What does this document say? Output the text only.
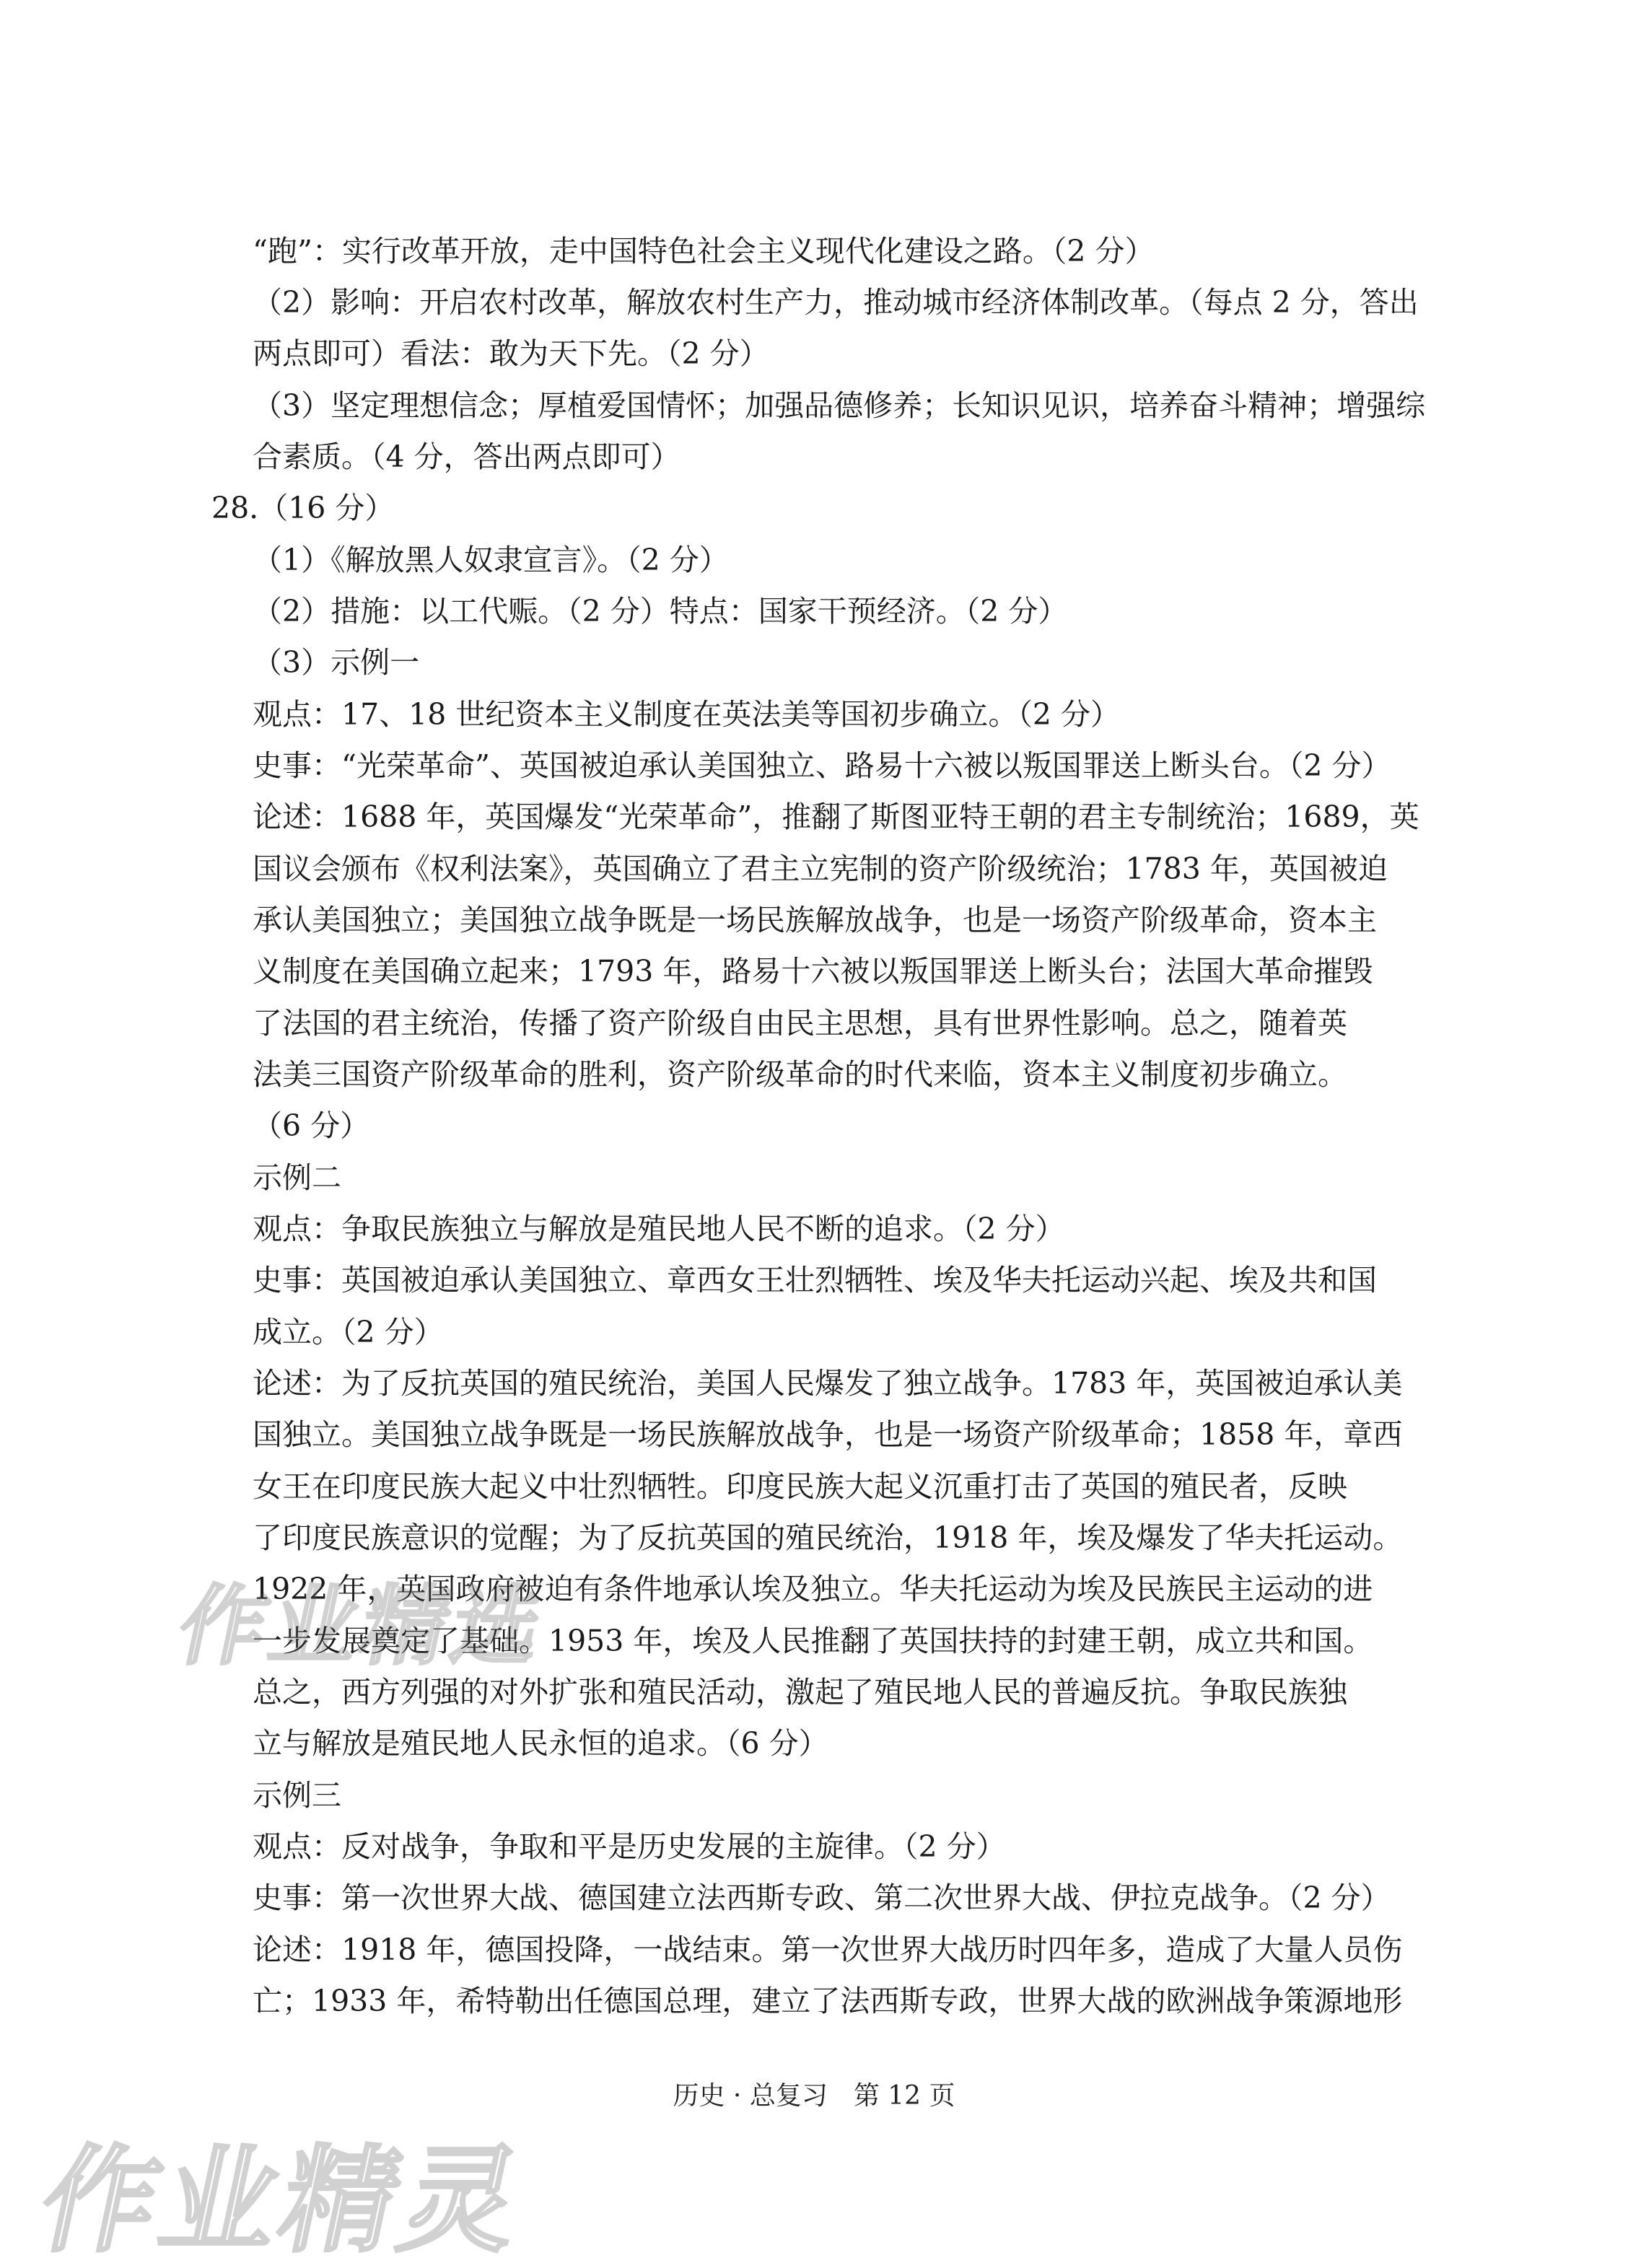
“跑”：实行改革开放，走中国特色社会主义现代化建设之路。（2 分）
（2）影响：开启农村改革，解放农村生产力，推动城市经济体制改革。（每点 2 分，答出
两点即可）看法：敢为天下先。（2 分）
（3）坚定理想信念；厚植爱国情怀；加强品德修养；长知识见识，培养奋斗精神；增强综
合素质。（4 分，答出两点即可）
28.（16 分）
（1）《解放黑人奴隶宣言》。（2 分）
（2）措施：以工代赈。（2 分）特点：国家干预经济。（2 分）
（3）示例一
观点：17、18 世纪资本主义制度在英法美等国初步确立。（2 分）
史事：“光荣革命”、英国被迫承认美国独立、路易十六被以叛国罪送上断头台。（2 分）
论述：1688 年，英国爆发“光荣革命”，推翻了斯图亚特王朝的君主专制统治；1689，英
国议会颁布《权利法案》，英国确立了君主立宪制的资产阶级统治；1783 年，英国被迫
承认美国独立；美国独立战争既是一场民族解放战争，也是一场资产阶级革命，资本主
义制度在美国确立起来；1793 年，路易十六被以叛国罪送上断头台；法国大革命摧毁
了法国的君主统治，传播了资产阶级自由民主思想，具有世界性影响。总之，随着英
法美三国资产阶级革命的胜利，资产阶级革命的时代来临，资本主义制度初步确立。
（6 分）
示例二
观点：争取民族独立与解放是殖民地人民不断的追求。（2 分）
史事：英国被迫承认美国独立、章西女王壮烈牺牲、埃及华夫托运动兴起、埃及共和国
成立。（2 分）
论述：为了反抗英国的殖民统治，美国人民爆发了独立战争。1783 年，英国被迫承认美
国独立。美国独立战争既是一场民族解放战争，也是一场资产阶级革命；1858 年，章西
女王在印度民族大起义中壮烈牺牲。印度民族大起义沉重打击了英国的殖民者，反映
了印度民族意识的觉醒；为了反抗英国的殖民统治，1918 年，埃及爆发了华夫托运动。
1922 年，英国政府被迫有条件地承认埃及独立。华夫托运动为埃及民族民主运动的进
一步发展奠定了基础。1953 年，埃及人民推翻了英国扶持的封建王朝，成立共和国。
总之，西方列强的对外扩张和殖民活动，激起了殖民地人民的普遍反抗。争取民族独
立与解放是殖民地人民永恒的追求。（6 分）
示例三
观点：反对战争，争取和平是历史发展的主旋律。（2 分）
史事：第一次世界大战、德国建立法西斯专政、第二次世界大战、伊拉克战争。（2 分）
论述：1918 年，德国投降，一战结束。第一次世界大战历时四年多，造成了大量人员伤
亡；1933 年，希特勒出任德国总理，建立了法西斯专政，世界大战的欧洲战争策源地形
历史 · 总复习　第 12 页
作业精选
作业精灵
